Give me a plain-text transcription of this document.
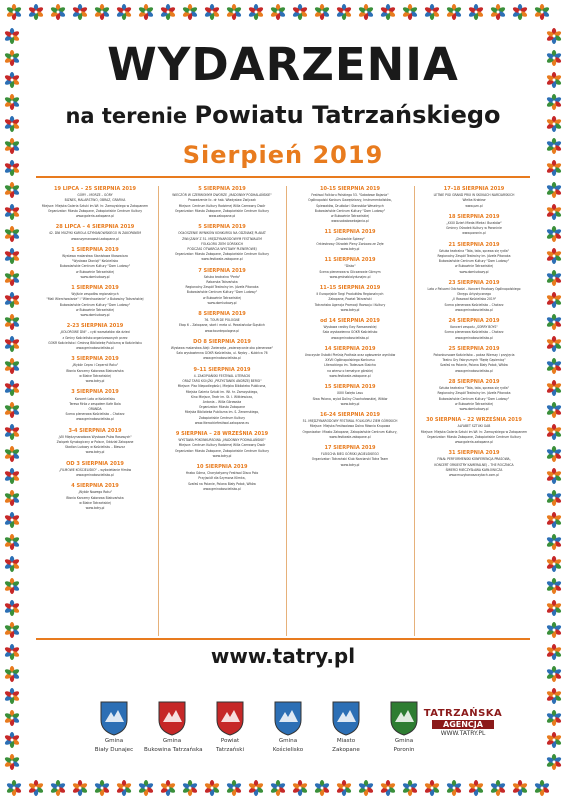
WYDARZENIA
na terenie Powiatu Tatrzańskiego
Sierpień 2019
19 LIPCA – 25 SIERPNIA 2019
GÓRY – MORZE – GÓRY
BIZNES, MALARSTWO, OBRAZ, GRAFIKA
Miejsce: Miejska Galeria Sztuki im.Wł. hr. Zamoyskiego w Zakopanem
Organizator: Miasto Zakopane, Zakopiańskie Centrum Kultury
www.galeria.zakopane.pl
28 LIPCA – 4 SIERPNIA 2019
42. DNI MUZYKI KAROLA SZYMANOWSKIEGO W ZAKOPANEM
www.szymanowski.zakopane.pl
1 SIERPNIA 2019
Wystawa malarstwa Stanisława Kłosowicza
"Wystawa Dionizji" Kościelisko
Bukowiańskie Centrum Kultury "Dom Ludowy"
w Bukowinie Tatrzańskiej
www.domludowy.pl
1 SIERPNIA 2019
Wyjście zespołów regionalnych
"Mali Wierchowianie" i "Wierchowianie" z Bukowiny Tatrzańskiej
Bukowiańskie Centrum Kultury "Dom Ludowy"
w Bukowinie Tatrzańskiej
www.domludowy.pl
2-23 SIERPNIA 2019
„KOLOROWE DNI" – cykl warsztatów dla dzieci
z Gminy Kościelisko organizowanych przez
GOKR Kościelisko i Gminną Bibliotekę Publiczną w Kościelisku
www.gminakoscielisko.pl
3 SIERPNIA 2019
„Wybór Cepra i Cepernii Roku"
Błonia Karczmy Kolorowa Białczańska
w Białce Tatrzańskiej
www.tatry.pl
3 SIERPNIA 2019
Koncert Lato w Kościelisku
Teresa Mróz z zespołem Kafe Bala
ORANDA
Scena plenerowa Kościelisko – Chotarz
www.gminakoscielisko.pl
3-4 SIERPNIA 2019
„VIII Międzynarodowa Wystawa Psów Rasowych"
Związek Kynologiczny w Polsce, Oddział Zakopane
Stadion Ludowy w Kościelisku – Bieszcz
www.tatry.pl
OD 3 SIERPNIA 2019
„FILMOWE KOŚCIELISKO" – wyświetlanie filmów
www.gminakoscielisko.pl
4 SIERPNIA 2019
„Wybór Nowego Roku"
Błonia Karczmy Kolorowa Białczańska
w Białce Tatrzańskiej
www.tatry.pl
5 SIERPNIA 2019
WIECZÓR W CZERWONYM DWORZE „MADONNY PODHALAŃSKIE"
Prowadzenie lic. dr hab. Władysław Zwijczak
Miejsce: Centrum Kultury Rodzimej Willa Czerwony Dwór
Organizator: Miasto Zakopane, Zakopiańskie Centrum Kultury
www.zakopane.pl
5 SIERPNIA 2019
OGŁOSZENIE WYNIKÓW KONKURSU NA ODZNAKĘ PLAKAT
ZWIĄZANY Z 51. MIĘDZYNARODOWYM FESTIWALEM
FOLKLORU ZIEM GÓRSKICH
PODCZAS OTWARCIA WYSTAWY PLENEROWEJ
Organizator: Miasto Zakopane, Zakopiańskie Centrum Kultury
www.festiwale.zakopane.pl
7 SIERPNIA 2019
Sztuka teatralna "Perła"
Rabarska Tatrzańska
Regionalny Zespół Teatralny im. Józefa Pitonaka
Bukowiańskie Centrum Kultury "Dom Ludowy"
w Bukowinie Tatrzańskiej
www.domludowy.pl
8 SIERPNIA 2019
76. TOUR DE POLOGNE
Etap 6 – Zakopane, start i meta ul. Powstańców Śląskich
www.tourdepologne.pl
DO 8 SIERPNIA 2019
Wystawa malarstwa Aleji: Zwierzęta „zwierzęcanie oko plenerowe"
Sala wystawienna GOKR Kościelisko, ul. Nędzy – Kubińca 76
www.gminakoscielisko.pl
9–11 SIERPNIA 2019
4. ZAKOPIAŃSKI FESTIWAL LITERACKI
ORAZ TARG KSIĄŻKI „PRZYSTANEK ANDRZEJ BERGI"
Miejsce: Plac Niepodległości, Miejska Biblioteka Publiczna,
Miejska Galeria Sztuki im. Wł. hr. Zamoyskiego,
Kino Miejsce, Teatr im. St. I. Witkiewicza,
Antonia – Willa Górowska
Organizator: Miasto Zakopane
Miejska Biblioteka Publiczna im. S. Żeromskiego,
Zakopiańskie Centrum Kultury
www.literackiefestiwal.zakopane.eu
9 SIERPNIA – 28 WRZEŚNIA 2019
WYSTAWA POKONKURSOWA „MADONNY PODHALAŃSKIE"
Miejsce: Centrum Kultury Rodzimej Willa Czerwony Dwór
Organizator: Miasto Zakopane, Zakopiańskie Centrum Kultury
www.tatry.pl
10 SIERPNIA 2019
Hrabo Górna, Charytatywny Festiwal Disco Polo
Przyjaciół dla Szymona Klimka,
Szafaś na Polanie, Polana Biały Potok, Witów
www.gminakoscielisko.pl
10-15 SIERPNIA 2019
Festiwal Folkloru Polskiego 53. "Sabałowe Bajania"
Ogólnopolski Konkurs Gawędziarzy, Instrumentalistów,
Śpiewaków, Drużbów i Starostów Weselnych
Bukowiańskie Centrum Kultury "Dom Ludowy"
w Bukowinie Tatrzańskiej
www.sabalowebajania.pl
11 SIERPNIA 2019
„Drużackie Śpiewy"
Orkiestrowy Ośrodek Pleny Zoniowo ze Zęłe
www.tatry.pl
11 SIERPNIA 2019
"Disko"
Scena plenerowa w Gliczarowie Górnym
www.gminabialydunajec.pl
11–15 SIERPNIA 2019
II Europejskie Targi Produktów Regionalnych
Zakopane, Powiat Tatrzański
Tatrzańska Agencja Promocji Rozwoju i Kultury
www.tatry.pl
od 14 SIERPNIA 2019
Wystawa rzeźby Ewy Rzeszewskiej
Sala wystawienna GOKR Kościelisko
www.gminakoscielisko.pl
14 SIERPNIA 2019
Uroczyste Ostatki Pieśnią Podhala oraz ogłoszenie wyników
XXVII Ogólnopolskiego Konkursu
Literackiego im. Tadeusza Staicha
na wiersz o tematyce górskiej
www.festiwale.zakopane.pl
15 SIERPNIA 2019
XXIII Święto Lasu
Siwa Polana, wylot Doliny Chochołowskiej, Witów
www.tatry.pl
16-24 SIERPNIA 2019
51. MIĘDZYNARODOWY FESTIWAL FOLKLORU ZIEM GÓRSKICH
Miejsce: Miejska Festiwalowa Dolna Równia Krupowa
Organizator: Miasto Zakopane, Zakopiańskie Centrum Kultury,
www.festiwale.zakopane.pl
17 SIERPNIA 2019
FLEISCHA BIEG GÓRSKI JAGIELSKIEGO
Organizator: Tatrzański Klub Narciarski Tatra Team
www.tatry.pl
17–18 SIERPNIA 2019
LETNIE PIGI GRAND PRIX W SKOKACH NARCIARSKICH
Wielka Krokiew
www.pzn.pl
18 SIERPNIA 2019
„XXXI Dzień Mieda Mleka i Buraków"
Gminny Ośrodek Kultury w Poroninie
www.poronin.pl
21 SIERPNIA 2019
Sztuka teatralna "Tata, tata, sprawa się rydla"
Regionalny Zespół Teatralny im. Józefa Pitonaka
Bukowiańskie Centrum Kultury "Dom Ludowy"
w Bukowinie Tatrzańskiej
www.domludowy.pl
23 SIERPNIA 2019
Lato z Paluami Odchodzi – Koncert Finałowy Ogólnopolskiego
Okręgu Artystycznego
„Il Rosował Kościelisko 2019"
Scena plenerowa Kościelisko – Chotarz
www.gminakoscielisko.pl
24 SIERPNIA 2019
Koncert zespołu „SORRY BOYS"
Scena plenerowa Kościelisko – Chotarz
www.gminakoscielisko.pl
25 SIERPNIA 2019
Pokonkursowe Kościelisko – pokaz Wierszy i przyjęcia
Teatru Gry Fabrycznych "Będę Gąsienicą"
Szafaś na Polanie, Polana Biały Potok, Witów
www.gminakoscielisko.pl
28 SIERPNIA 2019
Sztuka teatralna "Tata, tata, sprawa się rydla"
Regionalny Zespół Teatralny im. Józefa Pitonaka
Bukowiańskie Centrum Kultury "Dom Ludowy"
w Bukowinie Tatrzańskiej
www.domludowy.pl
30 SIERPNIA – 22 WRZEŚNIA 2019
ALFABET SZTUKI GAB
Miejsce: Miejska Galeria Sztuki im.Wł. hr. Zamoyskiego w Zakopanem
Organizator: Miasto Zakopane, Zakopiańskie Centrum Kultury
www.galeria.zakopane.pl
31 SIERPNIA 2019
FINAŁ PERFORMENSKI KONFERENCJA PRASOWA,
KONCERT ORKIESTRY KAMERALNEJ – THE ROCZNICA
ŚMIERCI MIECZYSŁAWA KARŁOWICZA
www.muzykanaszczytach.com.pl
www.tatry.pl
Gmina
Biały Dunajec
Gmina
Bukowina Tatrzańska
Powiat
Tatrzański
Gmina
Kościelisko
Miasto
Zakopane
Gmina
Poronin
TATRZAŃSKA
AGENCJA
WWW.TATRY.PL
